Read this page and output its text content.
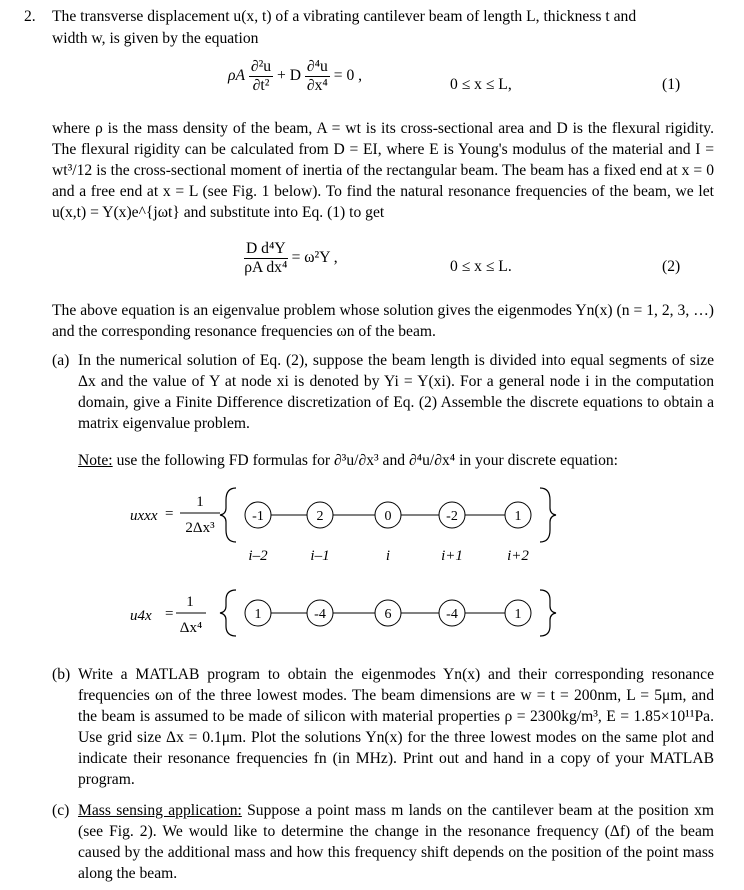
2. The transverse displacement u(x, t) of a vibrating cantilever beam of length L, thickness t and
width w, is given by the equation
ρA $\frac{\text{∂²u}}{\text{∂t²}} + D \frac{\text{∂⁴u}}{\text{∂x⁴}} = 0$ ,
0 ≤ x ≤ L,	(1)
where ρ is the mass density of the beam, A = wt is its cross-sectional area and D is the flexural rigidity. The flexural rigidity can be calculated from D = EI, where E is Young's modulus of the material and I = wt³/12 is the cross-sectional moment of inertia of the rectangular beam. The beam has a fixed end at x = 0 and a free end at x = L (see Fig. 1 below). To find the natural resonance frequencies of the beam, we let u(x,t) = Y(x)e^{jωt} and substitute into Eq. (1) to get
$\frac{\text{D d⁴Y}}{\text{ρA dx⁴}} = \omega^2Y$ ,
0 ≤ x ≤ L.	(2)
The above equation is an eigenvalue problem whose solution gives the eigenmodes Yn(x) (n = 1, 2, 3, …) and the corresponding resonance frequencies ωn of the beam.
(a) In the numerical solution of Eq. (2), suppose the beam length is divided into equal segments of size Δx and the value of Y at node xi is denoted by Yi = Y(xi). For a general node i in the computation domain, give a Finite Difference discretization of Eq. (2) Assemble the discrete equations to obtain a matrix eigenvalue problem.
Note: use the following FD formulas for ∂³u/∂x³ and ∂⁴u/∂x⁴ in your discrete equation:
uxxx =
1
2Δx³
-1	2	0	-2	1
i–2	i–1	i	i+1	i+2
u4x =
1
Δx⁴
1	-4	6	-4	1
(b) Write a MATLAB program to obtain the eigenmodes Yn(x) and their corresponding resonance frequencies ωn of the three lowest modes. The beam dimensions are w = t = 200nm, L = 5μm, and the beam is assumed to be made of silicon with material properties ρ = 2300kg/m³, E = 1.85×10¹¹Pa. Use grid size Δx = 0.1μm. Plot the solutions Yn(x) for the three lowest modes on the same plot and indicate their resonance frequencies fn (in MHz). Print out and hand in a copy of your MATLAB program.
(c) Mass sensing application: Suppose a point mass m lands on the cantilever beam at the position xm (see Fig. 2). We would like to determine the change in the resonance frequency (Δf) of the beam caused by the additional mass and how this frequency shift depends on the position of the point mass along the beam.
